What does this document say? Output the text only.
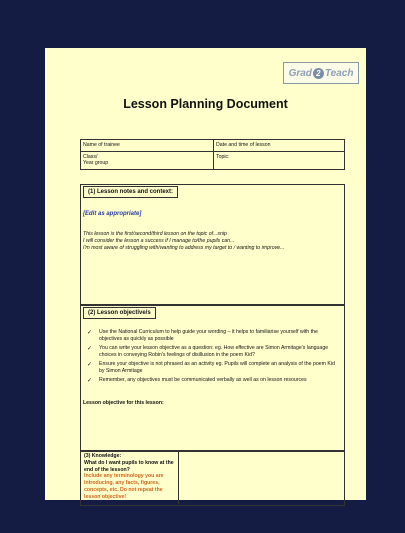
Grad 2 Teach
Lesson Planning Document
Name of trainee	Date and time of lesson

Class/
Year group	Topic:
(1) Lesson notes and context:
[Edit as appropriate]
This lesson is the first/second/third lesson on the topic of...snip
I will consider the lesson a success if I manage to/the pupils can...
I'm most aware of struggling with/wanting to address my target to / wanting to improve...
(2) Lesson objective/s
✓	Use the National Curriculum to help guide your wording – it helps to familiarise yourself with the objectives as quickly as possible
✓	You can write your lesson objective as a question: eg. How effective are Simon Armitage's language choices in conveying Robin's feelings of disillusion in the poem Kid?
✓	Ensure your objective is not phrased as an activity eg. Pupils will complete an analysis of the poem Kid by Simon Armitage
✓	Remember, any objectives must be communicated verbally as well as on lesson resources
Lesson objective for this lesson:
(3) Knowledge:
What do I want pupils to know at the end of the lesson?
Include any terminology you are introducing, any facts, figures, concepts, etc. Do not repeat the lesson objective!
